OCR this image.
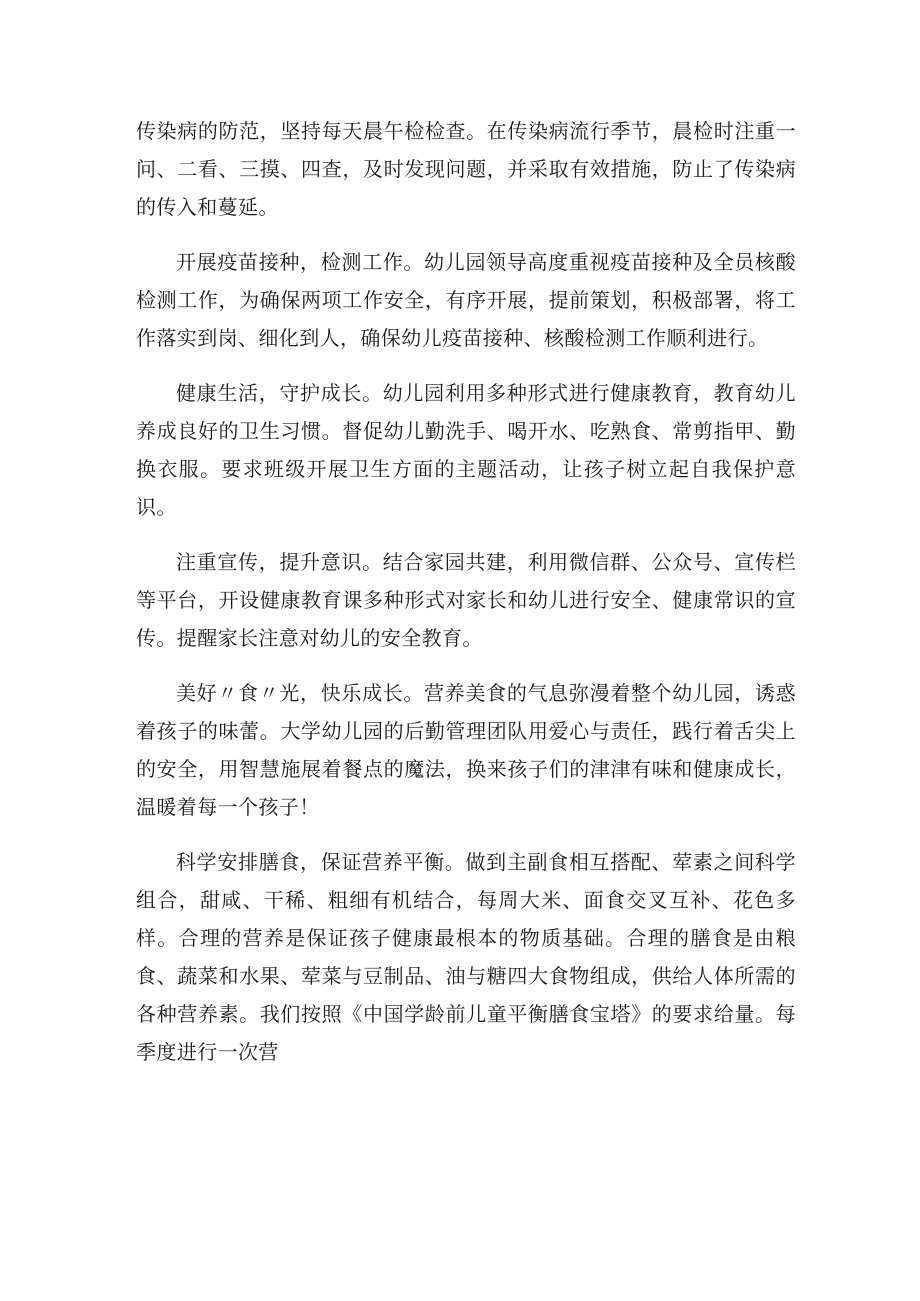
传染病的防范，坚持每天晨午检检查。在传染病流行季节，晨检时注重一问、二看、三摸、四查，及时发现问题，并采取有效措施，防止了传染病的传入和蔓延。

开展疫苗接种，检测工作。幼儿园领导高度重视疫苗接种及全员核酸检测工作，为确保两项工作安全，有序开展，提前策划，积极部署，将工作落实到岗、细化到人，确保幼儿疫苗接种、核酸检测工作顺利进行。

健康生活，守护成长。幼儿园利用多种形式进行健康教育，教育幼儿养成良好的卫生习惯。督促幼儿勤洗手、喝开水、吃熟食、常剪指甲、勤换衣服。要求班级开展卫生方面的主题活动，让孩子树立起自我保护意识。

注重宣传，提升意识。结合家园共建，利用微信群、公众号、宣传栏等平台，开设健康教育课多种形式对家长和幼儿进行安全、健康常识的宣传。提醒家长注意对幼儿的安全教育。

美好〃食〃光，快乐成长。营养美食的气息弥漫着整个幼儿园，诱惑着孩子的味蕾。大学幼儿园的后勤管理团队用爱心与责任，践行着舌尖上的安全，用智慧施展着餐点的魔法，换来孩子们的津津有味和健康成长，温暖着每一个孩子！

科学安排膳食，保证营养平衡。做到主副食相互搭配、荤素之间科学组合，甜咸、干稀、粗细有机结合，每周大米、面食交叉互补、花色多样。合理的营养是保证孩子健康最根本的物质基础。合理的膳食是由粮食、蔬菜和水果、荤菜与豆制品、油与糖四大食物组成，供给人体所需的各种营养素。我们按照《中国学龄前儿童平衡膳食宝塔》的要求给量。每季度进行一次营
